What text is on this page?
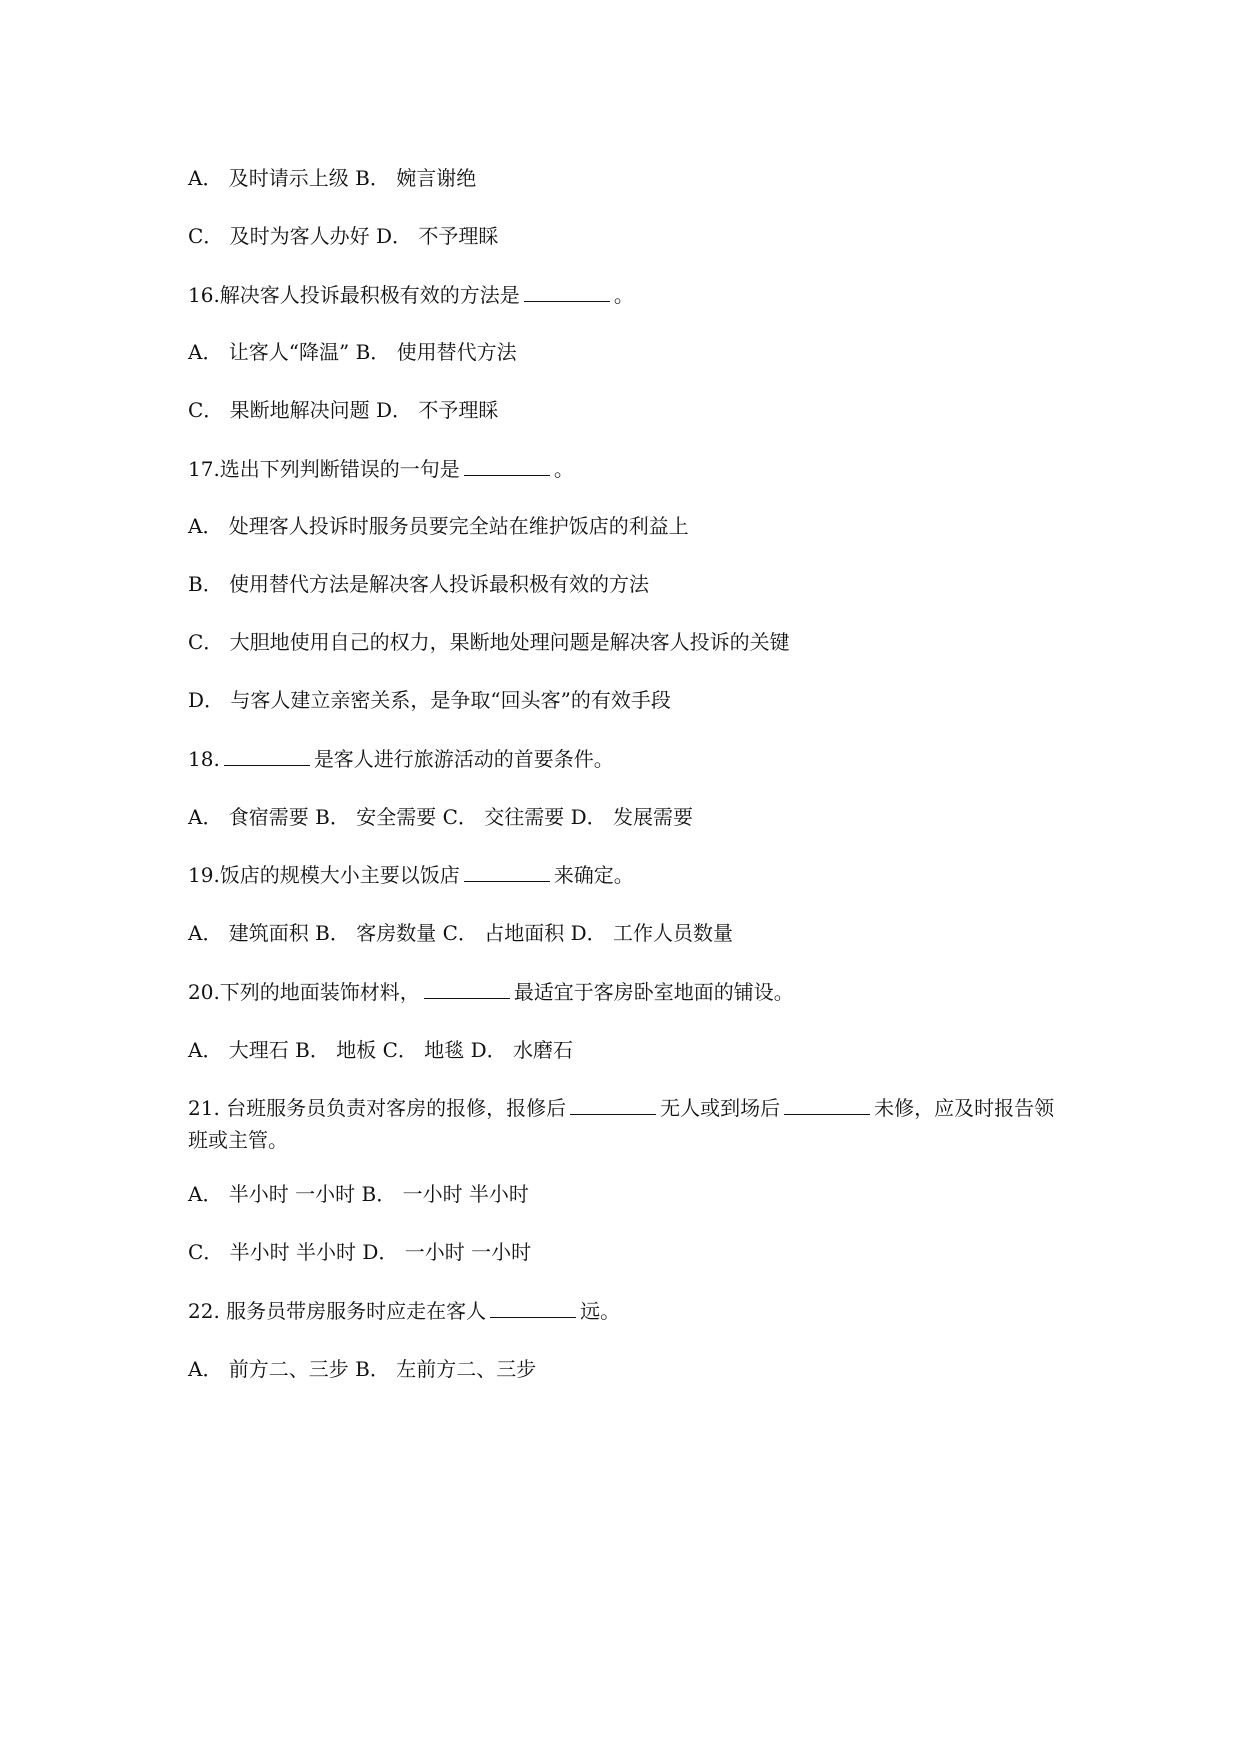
A． 及时请示上级 B． 婉言谢绝
C． 及时为客人办好 D． 不予理睬
16.解决客人投诉最积极有效的方法是	。
A． 让客人“降温” B． 使用替代方法
C． 果断地解决问题 D． 不予理睬
17.选出下列判断错误的一句是	。
A． 处理客人投诉时服务员要完全站在维护饭店的利益上
B． 使用替代方法是解决客人投诉最积极有效的方法
C． 大胆地使用自己的权力，果断地处理问题是解决客人投诉的关键
D． 与客人建立亲密关系，是争取“回头客”的有效手段
18.	是客人进行旅游活动的首要条件。
A． 食宿需要 B． 安全需要 C． 交往需要 D． 发展需要
19.饭店的规模大小主要以饭店	来确定。
A． 建筑面积 B． 客房数量 C． 占地面积 D． 工作人员数量
20.下列的地面装饰材料，	最适宜于客房卧室地面的铺设。
A． 大理石 B． 地板 C． 地毯 D． 水磨石
21. 台班服务员负责对客房的报修，报修后	无人或到场后	未修，应及时报告领班或主管。
A． 半小时 一小时 B． 一小时 半小时
C． 半小时 半小时 D． 一小时 一小时
22. 服务员带房服务时应走在客人	远。
A． 前方二、三步 B． 左前方二、三步
